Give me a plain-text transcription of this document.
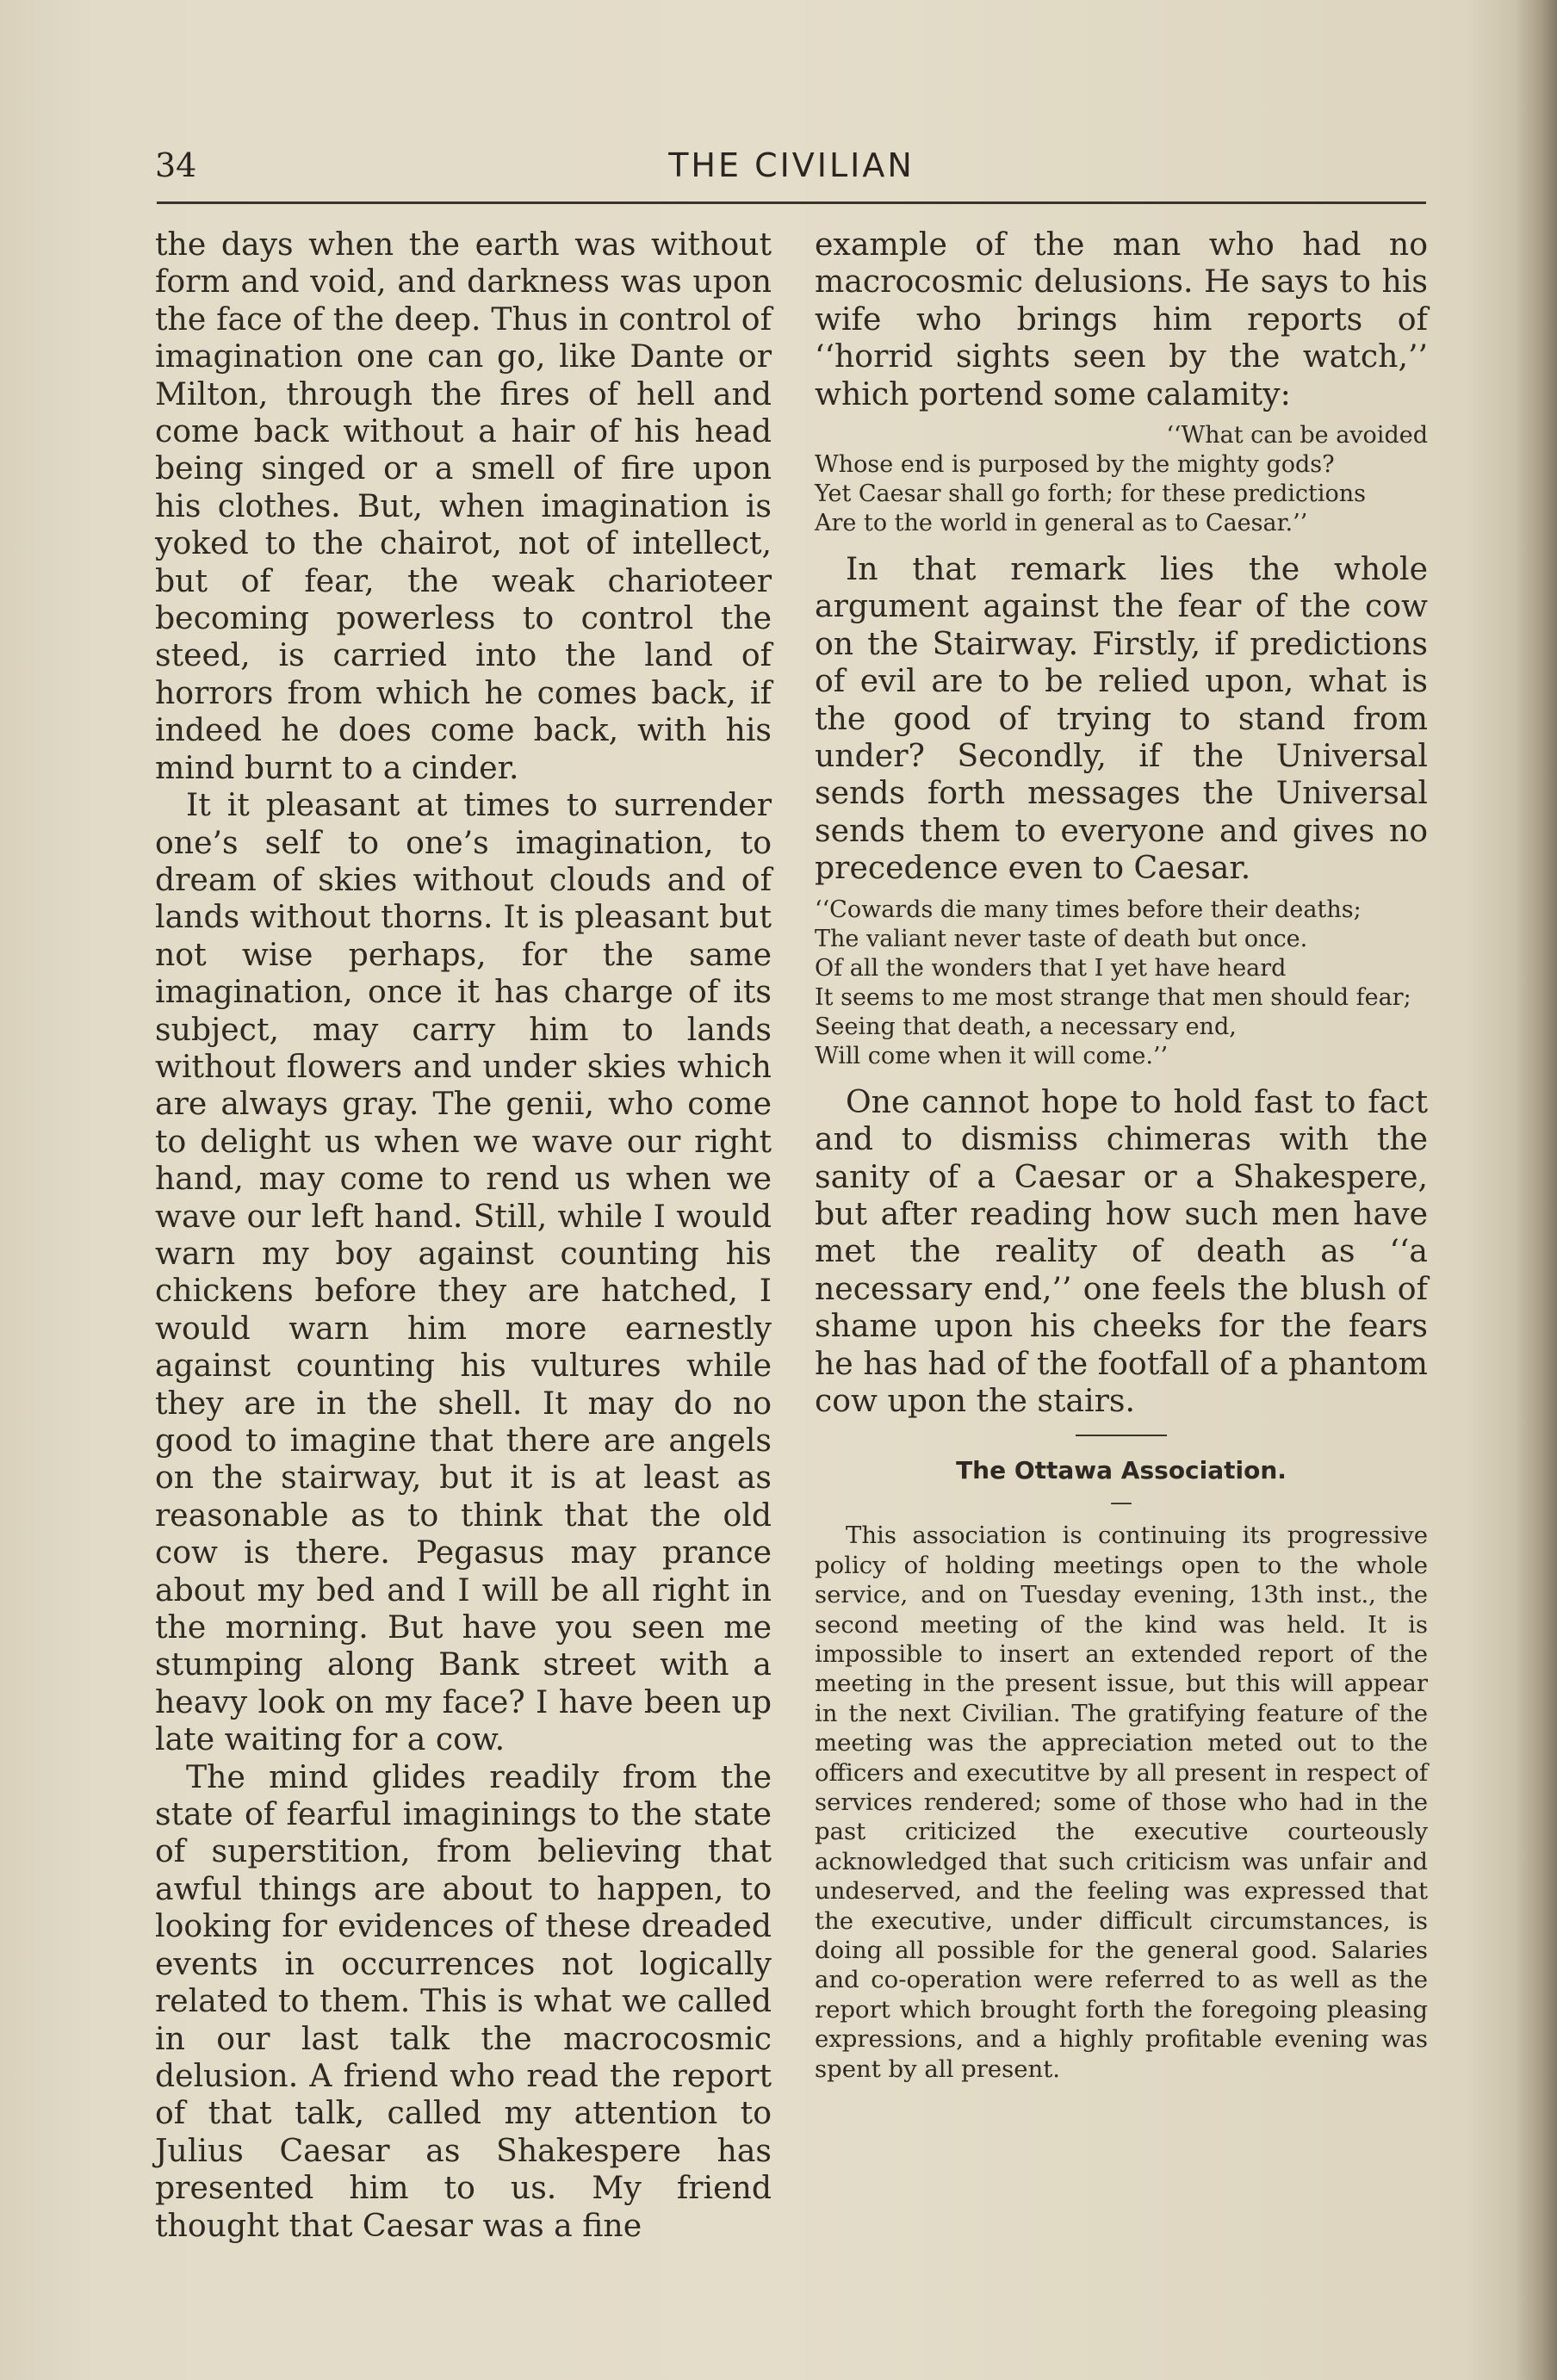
THE CIVILIAN
34

the days when the earth was without form and void, and darkness was upon the face of the deep. Thus in control of imagination one can go, like Dante or Milton, through the fires of hell and come back without a hair of his head being singed or a smell of fire upon his clothes. But, when imagination is yoked to the chairot, not of intellect, but of fear, the weak charioteer becoming powerless to control the steed, is carried into the land of horrors from which he comes back, if indeed he does come back, with his mind burnt to a cinder.

It it pleasant at times to surrender one’s self to one’s imagination, to dream of skies without clouds and of lands without thorns. It is pleasant but not wise perhaps, for the same imagination, once it has charge of its subject, may carry him to lands without flowers and under skies which are always gray. The genii, who come to delight us when we wave our right hand, may come to rend us when we wave our left hand. Still, while I would warn my boy against counting his chickens before they are hatched, I would warn him more earnestly against counting his vultures while they are in the shell. It may do no good to imagine that there are angels on the stairway, but it is at least as reasonable as to think that the old cow is there. Pegasus may prance about my bed and I will be all right in the morning. But have you seen me stumping along Bank street with a heavy look on my face? I have been up late waiting for a cow.

The mind glides readily from the state of fearful imaginings to the state of superstition, from believing that awful things are about to happen, to looking for evidences of these dreaded events in occurrences not logically related to them. This is what we called in our last talk the macrocosmic delusion. A friend who read the report of that talk, called my attention to Julius Caesar as Shakespere has presented him to us. My friend thought that Caesar was a fine

example of the man who had no macrocosmic delusions. He says to his wife who brings him reports of ‘‘horrid sights seen by the watch,’’ which portend some calamity:

‘‘What can be avoided
Whose end is purposed by the mighty gods?
Yet Caesar shall go forth; for these predictions
Are to the world in general as to Caesar.’’

In that remark lies the whole argument against the fear of the cow on the Stairway. Firstly, if predictions of evil are to be relied upon, what is the good of trying to stand from under? Secondly, if the Universal sends forth messages the Universal sends them to everyone and gives no precedence even to Caesar.

‘‘Cowards die many times before their deaths;
The valiant never taste of death but once.
Of all the wonders that I yet have heard
It seems to me most strange that men should fear;
Seeing that death, a necessary end,
Will come when it will come.’’

One cannot hope to hold fast to fact and to dismiss chimeras with the sanity of a Caesar or a Shakespere, but after reading how such men have met the reality of death as ‘‘a necessary end,’’ one feels the blush of shame upon his cheeks for the fears he has had of the footfall of a phantom cow upon the stairs.

The Ottawa Association.

—

This association is continuing its progressive policy of holding meetings open to the whole service, and on Tuesday evening, 13th inst., the second meeting of the kind was held. It is impossible to insert an extended report of the meeting in the present issue, but this will appear in the next Civilian. The gratifying feature of the meeting was the appreciation meted out to the officers and executitve by all present in respect of services rendered; some of those who had in the past criticized the executive courteously acknowledged that such criticism was unfair and undeserved, and the feeling was expressed that the executive, under difficult circumstances, is doing all possible for the general good. Salaries and co-operation were referred to as well as the report which brought forth the foregoing pleasing expressions, and a highly profitable evening was spent by all present.
